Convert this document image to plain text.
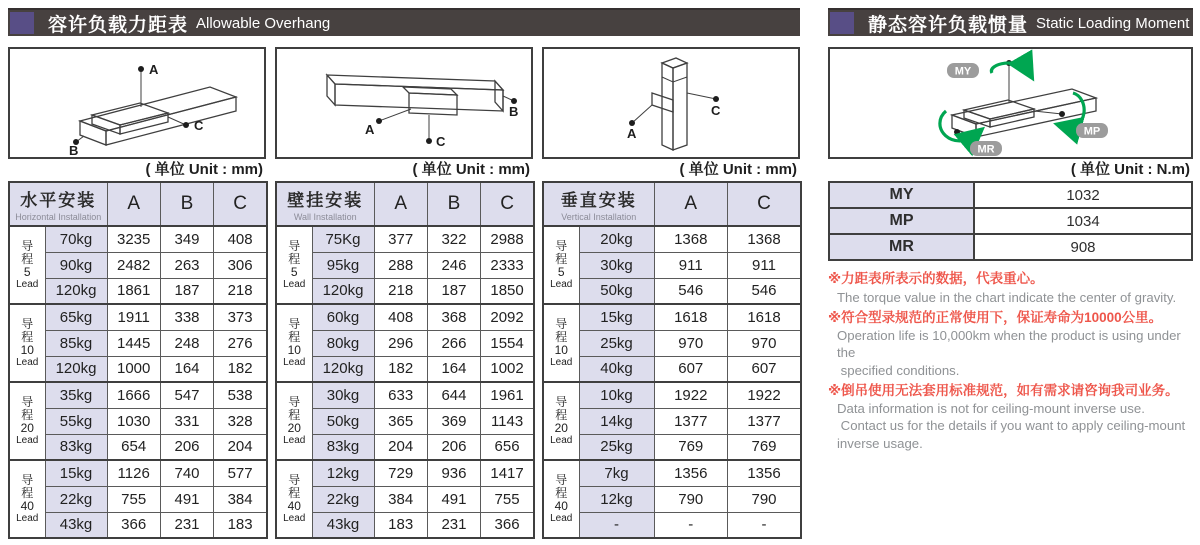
容许负载力距表 Allowable Overhang
A
B
C
( 单位 Unit : mm)
水平安装
Horizontal Installation		A	B	C

导
程
5
Lead	70kg	3235	349	408
	90kg	2482	263	306
	120kg	1861	187	218

导
程
10
Lead	65kg	1911	338	373
	85kg	1445	248	276
	120kg	1000	164	182

导
程
20
Lead	35kg	1666	547	538
	55kg	1030	331	328
	83kg	654	206	204

导
程
40
Lead	15kg	1126	740	577
	22kg	755	491	384
	43kg	366	231	183
A
B
C
( 单位 Unit : mm)
壁挂安装
Wall Installation		A	B	C

导
程
5
Lead	75Kg	377	322	2988
	95kg	288	246	2333
	120kg	218	187	1850

导
程
10
Lead	60kg	408	368	2092
	80kg	296	266	1554
	120kg	182	164	1002

导
程
20
Lead	30kg	633	644	1961
	50kg	365	369	1143
	83kg	204	206	656

导
程
40
Lead	12kg	729	936	1417
	22kg	384	491	755
	43kg	183	231	366
A
C
( 单位 Unit : mm)
垂直安装
Vertical Installation		A	C

导
程
5
Lead	20kg	1368	1368
	30kg	911	911
	50kg	546	546

导
程
10
Lead	15kg	1618	1618
	25kg	970	970
	40kg	607	607

导
程
20
Lead	10kg	1922	1922
	14kg	1377	1377
	25kg	769	769

导
程
40
Lead	7kg	1356	1356
	12kg	790	790
	-	-	-
静态容许负载惯量 Static Loading Moment
MY
MP
MR
( 单位 Unit : N.m)
MY	1032
MP	1034
MR	908
※力距表所表示的数据，代表重心。
The torque value in the chart indicate the center of gravity.
※符合型录规范的正常使用下，保证寿命为10000公里。
Operation life is 10,000km when the product is using under the
specified conditions.
※倒吊使用无法套用标准规范，如有需求请咨询我司业务。
Data information is not for ceiling-mount inverse use.
Contact us for the details if you want to apply ceiling-mount
inverse usage.
